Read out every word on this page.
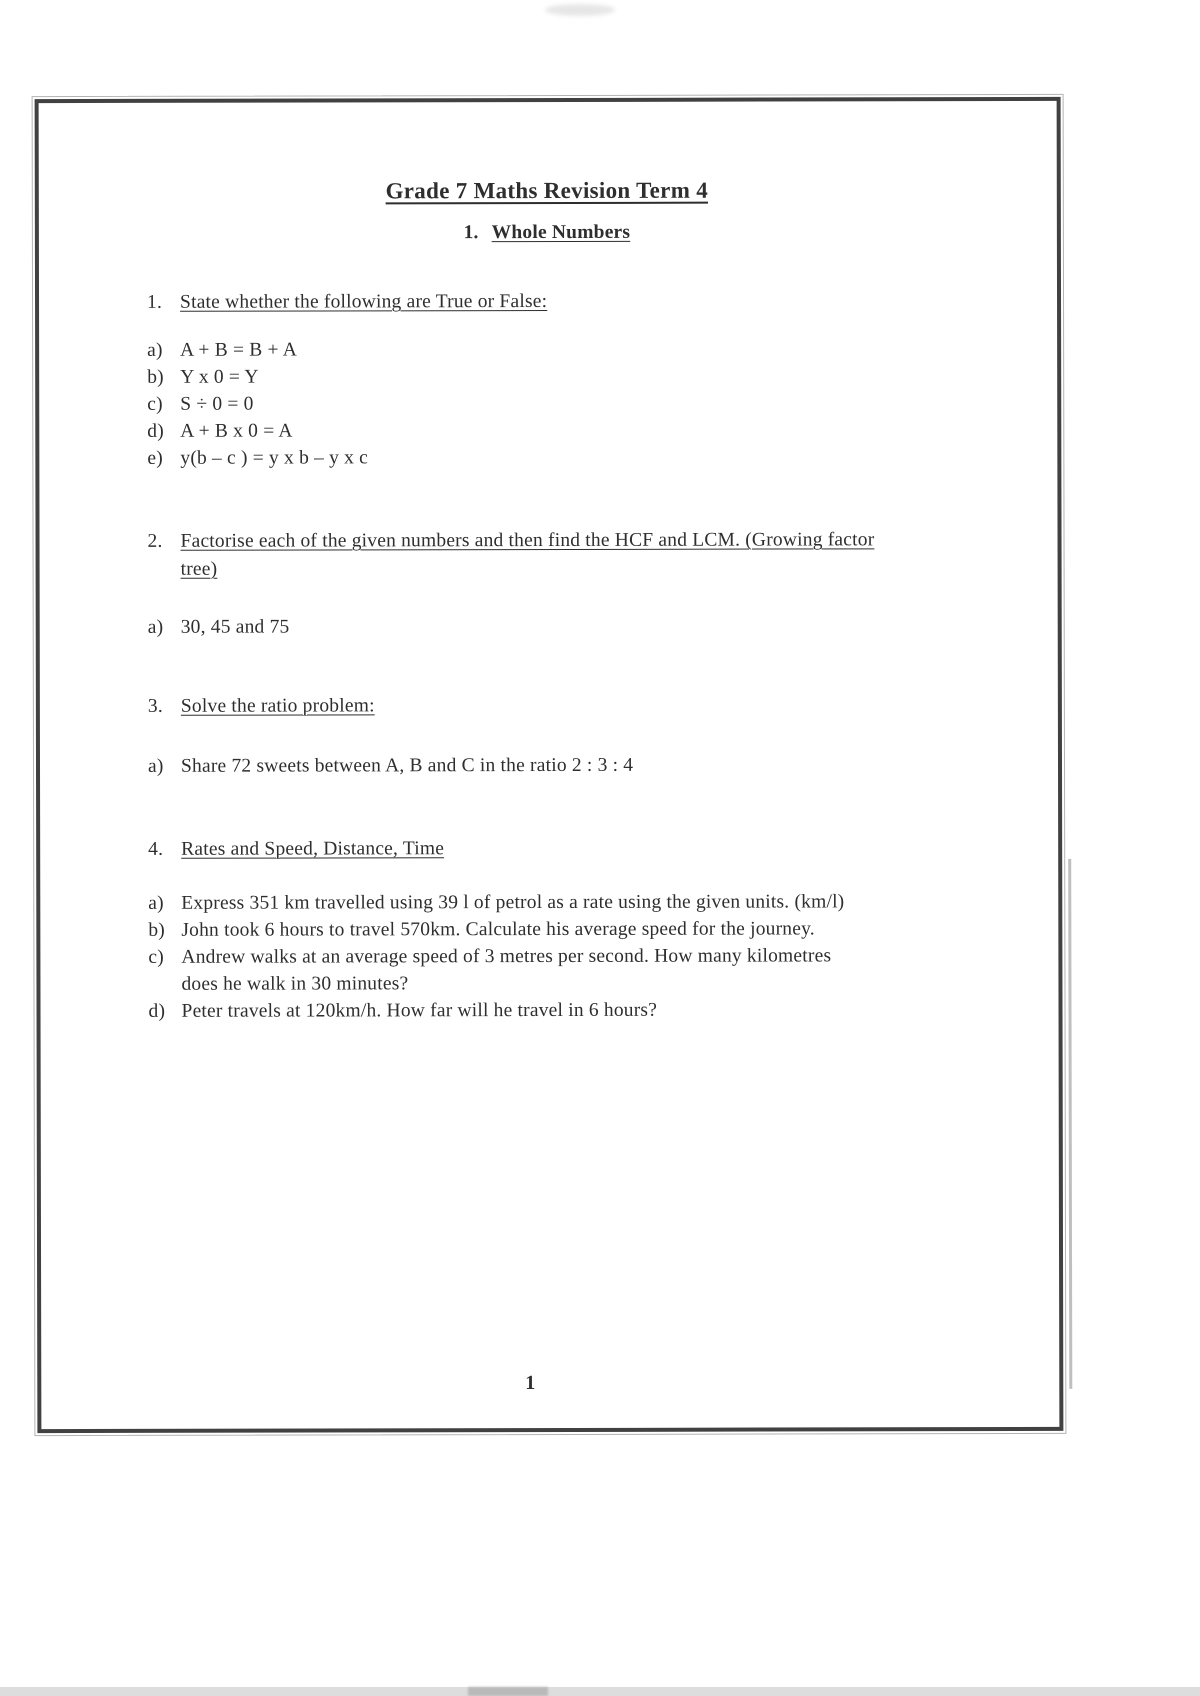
Grade 7 Maths Revision Term 4
1. Whole Numbers
1. State whether the following are True or False:
a) A + B = B + A
b) Y x 0 = Y
c) S ÷ 0 = 0
d) A + B x 0 = A
e) y(b – c ) = y x b – y x c
2. Factorise each of the given numbers and then find the HCF and LCM. (Growing factor tree)
a) 30, 45 and 75
3. Solve the ratio problem:
a) Share 72 sweets between A, B and C in the ratio 2 : 3 : 4
4. Rates and Speed, Distance, Time
a) Express 351 km travelled using 39 l of petrol as a rate using the given units. (km/l)
b) John took 6 hours to travel 570km. Calculate his average speed for the journey.
c) Andrew walks at an average speed of 3 metres per second. How many kilometres does he walk in 30 minutes?
d) Peter travels at 120km/h. How far will he travel in 6 hours?
1
